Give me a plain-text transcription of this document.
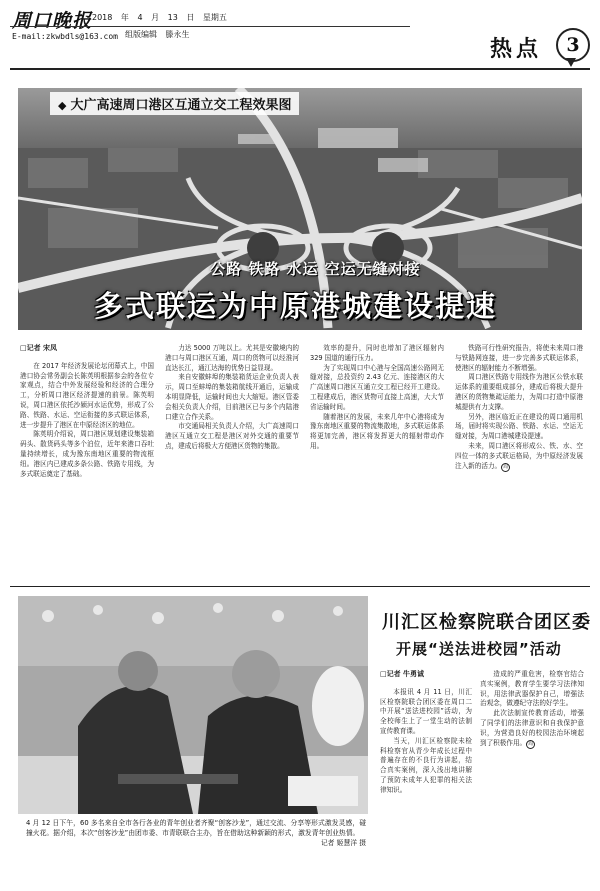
周口晚报 2018 年 4 月 13 日 星期五
E-mail:zkwbdls@163.com 组版编辑 滕永生
热点	3
◆ 大广高速周口港区互通立交工程效果图
公路 铁路 水运 空运无缝对接
多式联运为中原港城建设提速
□记者 宋凤

在 2017 年经济发展论坛闭幕式上，中国港口协会常务副会长陈英明根据参会的各位专家观点，结合中外发展经验和经济的合理分工，分析周口港区经济提速的前景。陈英明说，周口港区依托沙颍河水运优势，形成了公路、铁路、水运、空运衔接的多式联运体系，进一步提升了港区在中原经济区的地位。

陈英明介绍说，周口港区规划建设集装箱码头、散货码头等多个泊位，近年来港口吞吐量持续增长，成为豫东南地区重要的物流枢纽。港区内已建成多条公路、铁路专用线，为多式联运奠定了基础。

力达 5000 万吨以上。尤其是安徽境内的港口与周口港区互通，周口的货物可以经淮河直达长江，通江达海的优势日益显现。

来自安徽蚌埠的集装箱货运企业负责人表示，周口至蚌埠的集装箱航线开通后，运输成本明显降低，运输时间也大大缩短。港区管委会相关负责人介绍，目前港区已与多个内陆港口建立合作关系。

市交通局相关负责人介绍，大广高速周口港区互通立交工程是港区对外交通的重要节点，建成后将极大方便港区货物的集散。

效率的提升，同时也增加了港区辐射内 329 国道的通行压力。

为了实现周口中心港与全国高速公路网无缝对接，总投资约 2.43 亿元、连接港区的大广高速周口港区互通立交工程已经开工建设。工程建成后，港区货物可直接上高速，大大节省运输时间。

随着港区的发展，未来几年中心港将成为豫东南地区重要的物流集散地，多式联运体系将更加完善，港区将发挥更大的辐射带动作用。

铁路可行性研究报告，将使未来周口港与铁路网连接，进一步完善多式联运体系，使港区的辐射能力不断增强。

周口港区铁路专用线作为港区公铁水联运体系的重要组成部分，建成后将极大提升港区的货物集疏运能力，为周口打造中原港城提供有力支撑。

另外，港区临近正在建设的周口通用机场，届时将实现公路、铁路、水运、空运无缝对接，为周口港城建设提速。

未来，周口港区将形成公、铁、水、空四位一体的多式联运格局，为中原经济发展注入新的活力。 周

4 月 12 日下午，60 多名来自全市各行各业的青年创业者齐聚“创客沙龙”，通过交流、分享等形式激发灵感，碰撞火花。据介绍，本次“创客沙龙”由团市委、市青联联合主办，旨在借助这种新颖的形式，激发青年创业热情。
记者 姬慧洋 摄
川汇区检察院联合团区委
开展“送法进校园”活动
□记者 牛勇诚

本报讯 4 月 11 日，川汇区检察院联合团区委在周口二中开展“送法进校园”活动，为全校师生上了一堂生动的法制宣传教育课。

当天，川汇区检察院未检科检察官从青少年成长过程中普遍存在的不良行为讲起，结合真实案例，深入浅出地讲解了预防未成年人犯罪的相关法律知识。

造成的严重危害，检察官结合真实案例，教育学生要学习法律知识，用法律武器保护自己，增强法治观念，做遵纪守法的好学生。

此次法制宣传教育活动，增强了同学们的法律意识和自我保护意识，为营造良好的校园法治环境起到了积极作用。 周
